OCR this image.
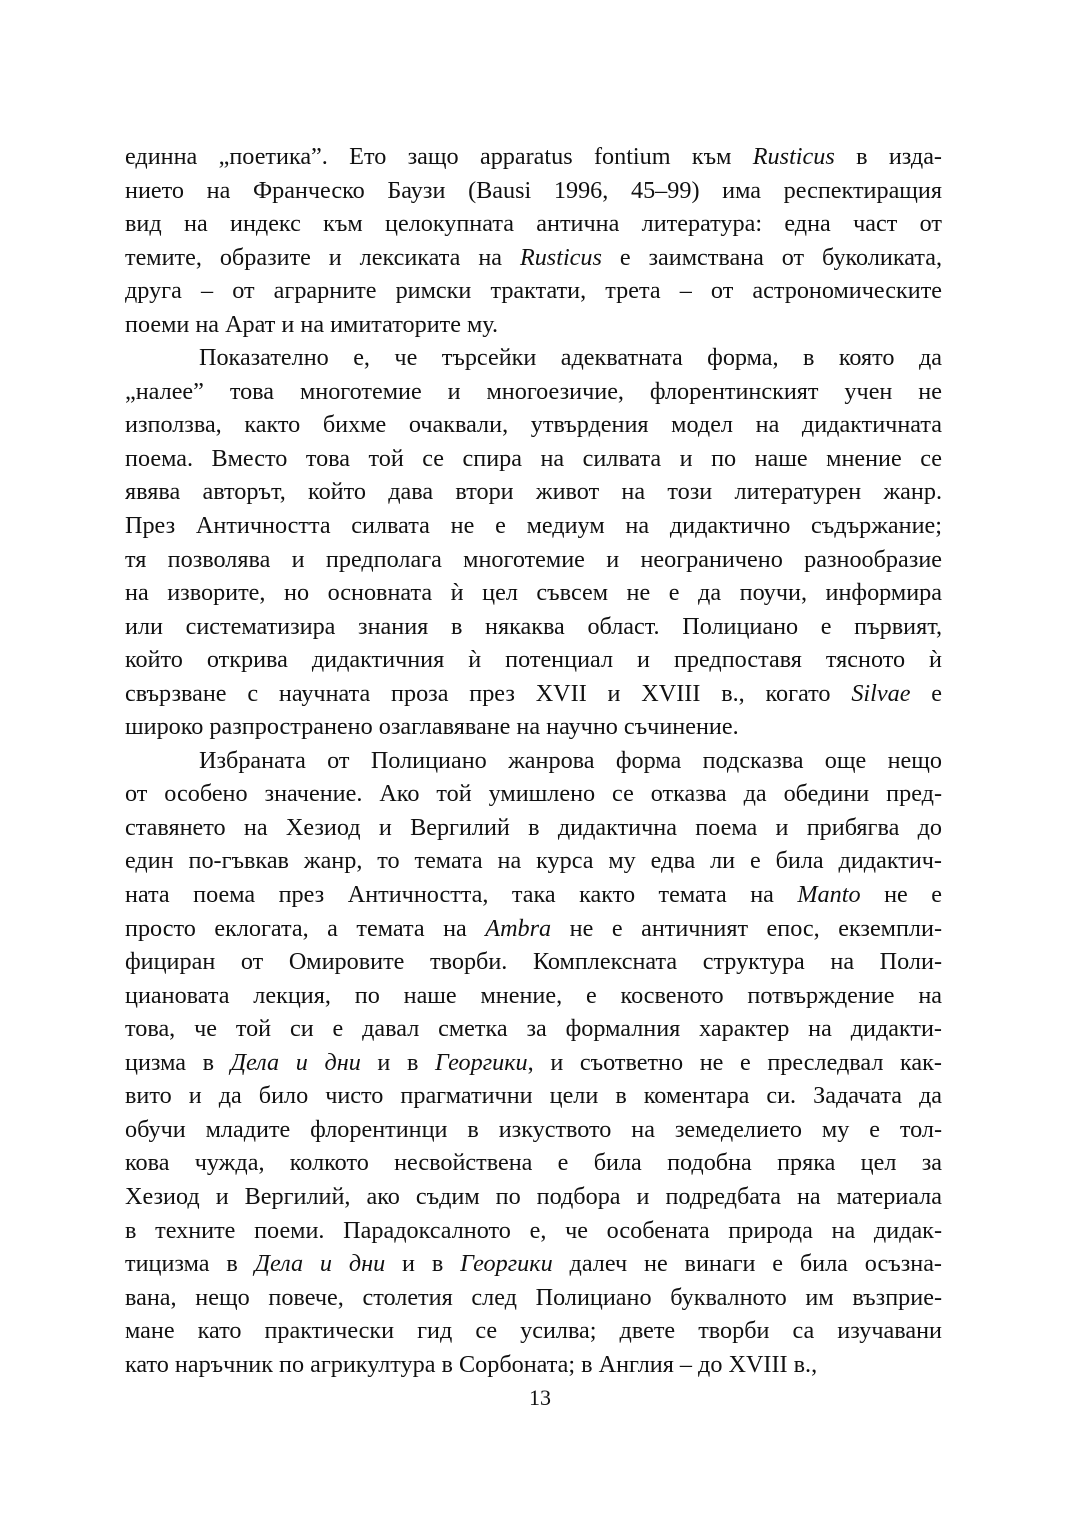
единна „поетика”. Ето защо apparatus fontium към Rusticus в изда-
нието на Франческо Баузи (Bausi 1996, 45–99) има респектиращия
вид на индекс към целокупната антична литература: една част от
темите, образите и лексиката на Rusticus е заимствана от буколиката,
друга – от аграрните римски трактати, трета – от астрономическите
поеми на Арат и на имитаторите му.
Показателно е, че търсейки адекватната форма, в която да
„налее” това многотемие и многоезичие, флорентинският учен не
използва, както бихме очаквали, утвърдения модел на дидактичната
поема. Вместо това той се спира на силвата и по наше мнение се
явява авторът, който дава втори живот на този литературен жанр.
През Античността силвата не е медиум на дидактично съдържание;
тя позволява и предполага многотемие и неограничено разнообразие
на изворите, но основната ѝ цел съвсем не е да поучи, информира
или систематизира знания в някаква област. Полициано е първият,
който открива дидактичния ѝ потенциал и предпоставя тясното ѝ
свързване с научната проза през XVII и XVIII в., когато Silvae е
широко разпространено озаглавяване на научно съчинение.
Избраната от Полициано жанрова форма подсказва още нещо
от особено значение. Ако той умишлено се отказва да обедини пред-
ставянето на Хезиод и Вергилий в дидактична поема и прибягва до
един по-гъвкав жанр, то темата на курса му едва ли е била дидактич-
ната поема през Античността, така както темата на Manto не е
просто еклогата, а темата на Ambra не е античният епос, екземпли-
фициран от Омировите творби. Комплексната структура на Поли-
циановата лекция, по наше мнение, е косвеното потвърждение на
това, че той си е давал сметка за формалния характер на дидакти-
цизма в Дела и дни и в Георгики, и съответно не е преследвал как-
вито и да било чисто прагматични цели в коментара си. Задачата да
обучи младите флорентинци в изкуството на земеделието му е тол-
кова чужда, колкото несвойствена е била подобна пряка цел за
Хезиод и Вергилий, ако съдим по подбора и подредбата на материала
в техните поеми. Парадоксалното е, че особената природа на дидак-
тицизма в Дела и дни и в Георгики далеч не винаги е била осъзна-
вана, нещо повече, столетия след Полициано буквалното им възприе-
мане като практически гид се усилва; двете творби са изучавани
като наръчник по агрикултура в Сорбоната; в Англия – до XVIII в.,
13
